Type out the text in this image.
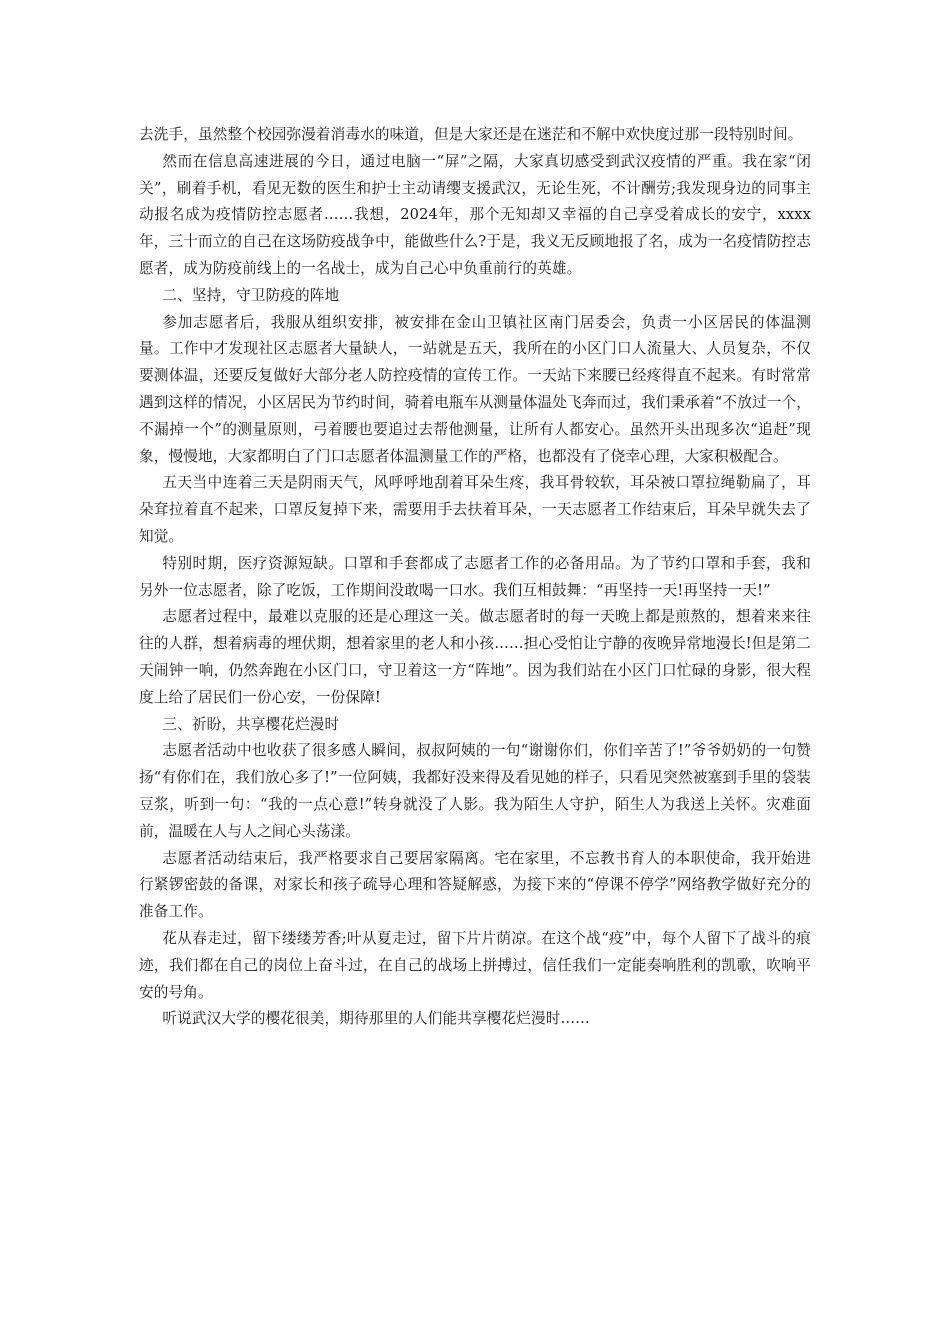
去洗手，虽然整个校园弥漫着消毒水的味道，但是大家还是在迷茫和不解中欢快度过那一段特别时间。

然而在信息高速进展的今日，通过电脑一“屏”之隔，大家真切感受到武汉疫情的严重。我在家“闭关”，刷着手机，看见无数的医生和护士主动请缨支援武汉，无论生死，不计酬劳;我发现身边的同事主动报名成为疫情防控志愿者……我想，2024年，那个无知却又幸福的自己享受着成长的安宁，xxxx年，三十而立的自己在这场防疫战争中，能做些什么?于是，我义无反顾地报了名，成为一名疫情防控志愿者，成为防疫前线上的一名战士，成为自己心中负重前行的英雄。

二、坚持，守卫防疫的阵地

参加志愿者后，我服从组织安排，被安排在金山卫镇社区南门居委会，负责一小区居民的体温测量。工作中才发现社区志愿者大量缺人，一站就是五天，我所在的小区门口人流量大、人员复杂，不仅要测体温，还要反复做好大部分老人防控疫情的宣传工作。一天站下来腰已经疼得直不起来。有时常常遇到这样的情况，小区居民为节约时间，骑着电瓶车从测量体温处飞奔而过，我们秉承着“不放过一个，不漏掉一个”的测量原则，弓着腰也要追过去帮他测量，让所有人都安心。虽然开头出现多次“追赶”现象，慢慢地，大家都明白了门口志愿者体温测量工作的严格，也都没有了侥幸心理，大家积极配合。

五天当中连着三天是阴雨天气，风呼呼地刮着耳朵生疼，我耳骨较软，耳朵被口罩拉绳勒扁了，耳朵耷拉着直不起来，口罩反复掉下来，需要用手去扶着耳朵，一天志愿者工作结束后，耳朵早就失去了知觉。

特别时期，医疗资源短缺。口罩和手套都成了志愿者工作的必备用品。为了节约口罩和手套，我和另外一位志愿者，除了吃饭，工作期间没敢喝一口水。我们互相鼓舞：“再坚持一天!再坚持一天!”

志愿者过程中，最难以克服的还是心理这一关。做志愿者时的每一天晚上都是煎熬的，想着来来往往的人群，想着病毒的埋伏期，想着家里的老人和小孩……担心受怕让宁静的夜晚异常地漫长!但是第二天闹钟一响，仍然奔跑在小区门口，守卫着这一方“阵地”。因为我们站在小区门口忙碌的身影，很大程度上给了居民们一份心安，一份保障!

三、祈盼，共享樱花烂漫时

志愿者活动中也收获了很多感人瞬间，叔叔阿姨的一句“谢谢你们，你们辛苦了!”爷爷奶奶的一句赞扬“有你们在，我们放心多了!”一位阿姨，我都好没来得及看见她的样子，只看见突然被塞到手里的袋装豆浆，听到一句：“我的一点心意!”转身就没了人影。我为陌生人守护，陌生人为我送上关怀。灾难面前，温暖在人与人之间心头荡漾。

志愿者活动结束后，我严格要求自己要居家隔离。宅在家里，不忘教书育人的本职使命，我开始进行紧锣密鼓的备课，对家长和孩子疏导心理和答疑解惑，为接下来的“停课不停学”网络教学做好充分的准备工作。

花从春走过，留下缕缕芳香;叶从夏走过，留下片片荫凉。在这个战“疫”中，每个人留下了战斗的痕迹，我们都在自己的岗位上奋斗过，在自己的战场上拼搏过，信任我们一定能奏响胜利的凯歌，吹响平安的号角。

听说武汉大学的樱花很美，期待那里的人们能共享樱花烂漫时……
